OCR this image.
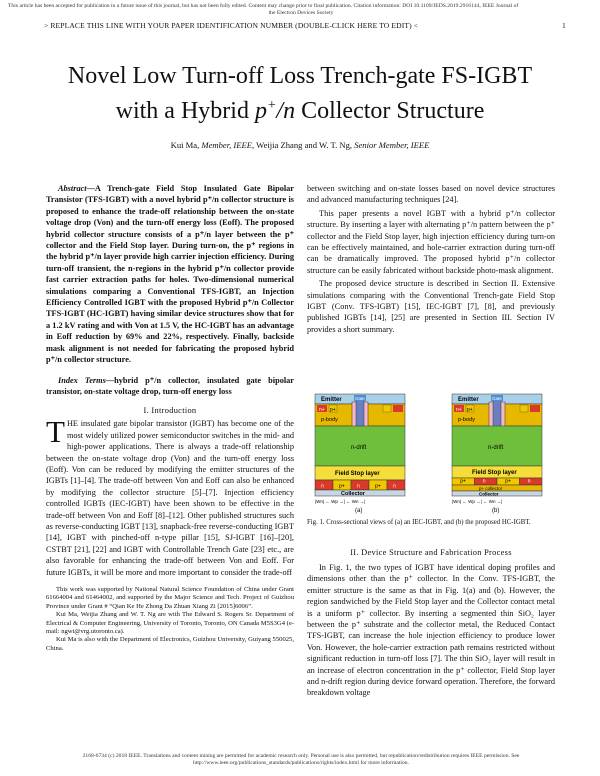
This article has been accepted for publication in a future issue of this journal, but has not been fully edited. Content may change prior to final publication. Citation information: DOI 10.1109/JEDS.2019.2916144, IEEE Journal of
the Electron Devices Society
> REPLACE THIS LINE WITH YOUR PAPER IDENTIFICATION NUMBER (DOUBLE-CLICK HERE TO EDIT) <	1
Novel Low Turn-off Loss Trench-gate FS-IGBT
with a Hybrid p+/n Collector Structure
Kui Ma, Member, IEEE, Weijia Zhang and W. T. Ng, Senior Member, IEEE

Abstract—A Trench-gate Field Stop Insulated Gate Bipolar Transistor (TFS-IGBT) with a novel hybrid p⁺/n collector structure is proposed to enhance the trade-off relationship between the on-state voltage drop (Von) and the turn-off energy loss (Eoff). The proposed hybrid collector structure consists of a p⁺/n layer between the p⁺ collector and the Field Stop layer. During turn-on, the p⁺ regions in the hybrid p⁺/n layer provide high carrier injection efficiency. During turn-off transient, the n-regions in the hybrid p⁺/n collector provide fast carrier extraction paths for holes. Two-dimensional numerical simulations comparing a Conventional TFS-IGBT, an Injection Efficiency Controlled IGBT with the proposed Hybrid p⁺/n Collector TFS-IGBT (HC-IGBT) having similar device structures show that for a 1.2 kV rating and with Von at 1.5 V, the HC-IGBT has an advantage in Eoff reduction by 69% and 22%, respectively. Finally, backside mask alignment is not needed for fabricating the proposed hybrid p⁺/n collector structure.

Index Terms—hybrid p⁺/n collector, insulated gate bipolar transistor, on-state voltage drop, turn-off energy loss

I. Introduction

THE insulated gate bipolar transistor (IGBT) has become one of the most widely utilized power semiconductor switches in the mid- and high-power applications. There is always a trade-off relationship between the on-state voltage drop (Von) and the turn-off energy loss (Eoff). Von can be reduced by modifying the emitter structures of the IGBTs [1]–[4]. The trade-off between Von and Eoff can also be enhanced by modifying the collector structure [5]–[7]. Injection efficiency controlled IGBTs (IEC-IGBT) have been shown to be effective in the trade-off between Von and Eoff [8]–[12]. Other published structures such as reverse-conducting IGBT [13], snapback-free reverse-conducting IGBT [14], IGBT with pinched-off n-type pillar [15], SJ-IGBT [16]–[20], CSTBT [21], [22] and IGBT with Controllable Trench Gate [23] etc., are also favorable for enhancing the trade-off between Von and Eoff. For future IGBTs, it will be more and more important to consider the trade-off

This work was supported by National Natural Science Foundation of China under Grant 61664004 and 61464002, and supported by the Major Science and Tech. Project of Guizhou Province under Grant # “Qian Ke He Zhong Da Zhuan Xiang Zi [2015]6006”.

Kui Ma, Weijia Zhang and W. T. Ng are with The Edward S. Rogers Sr. Department of Electrical & Computer Engineering, University of Toronto, Toronto, ON Canada M5S3G4 (e-mail: ngwt@vrg.utoronto.ca).

Kui Ma is also with the Department of Electronics, Guizhou University, Guiyang 550025, China.

between switching and on-state losses based on novel device structures and advanced manufacturing techniques [24].

This paper presents a novel IGBT with a hybrid p⁺/n collector structure. By inserting a layer with alternating p⁺/n pattern between the p⁺ collector and the Field Stop layer, high injection efficiency during turn-on can be effectively maintained, and hole-carrier extraction during turn-off can be dramatically improved. The proposed hybrid p⁺/n collector structure can be easily fabricated without backside photo-mask alignment.

The proposed device structure is described in Section II. Extensive simulations comparing with the Conventional Trench-gate Field Stop IGBT (Conv. TFS-IGBT) [15], IEC-IGBT [7], [8], and previously published IGBTs [14], [25] are presented in Section III. Section IV provides a short summary.

Emitter	Gate
n+ p+
p-body
n-drift
Field Stop layer
n	p+ n	p+ n
Collector
|Wn| ← Wp →| ← Wn →|
(a)
Emitter	Gate
n+ p+
p-body
n-drift
Field Stop layer
p+	n	p+	n
p+ collector
Collector
|Wn| ← Wp →| ← Wn →|
(b)
Fig. 1. Cross-sectional views of (a) an IEC-IGBT, and (b) the proposed HC-IGBT.
II. Device Structure and Fabrication Process

In Fig. 1, the two types of IGBT have identical doping profiles and dimensions other than the p⁺ collector. In the Conv. TFS-IGBT, the emitter structure is the same as that in Fig. 1(a) and (b). However, the region sandwiched by the Field Stop layer and the Collector contact metal is a uniform p⁺ collector. By inserting a segmented thin SiO₂ layer between the p⁺ substrate and the collector metal, the Reduced Contact TFS-IGBT, can increase the hole injection efficiency to produce lower Von. However, the hole-carrier extraction path remains restricted without significant reduction in turn-off loss [7]. The thin SiO₂ layer will result in an increase of electron concentration in the p⁺ collector, Field Stop layer and n-drift region during device forward operation. Therefore, the forward breakdown voltage

2168-6734 (c) 2018 IEEE. Translations and content mining are permitted for academic research only. Personal use is also permitted, but republication/redistribution requires IEEE permission. See
http://www.ieee.org/publications_standards/publications/rights/index.html for more information.
